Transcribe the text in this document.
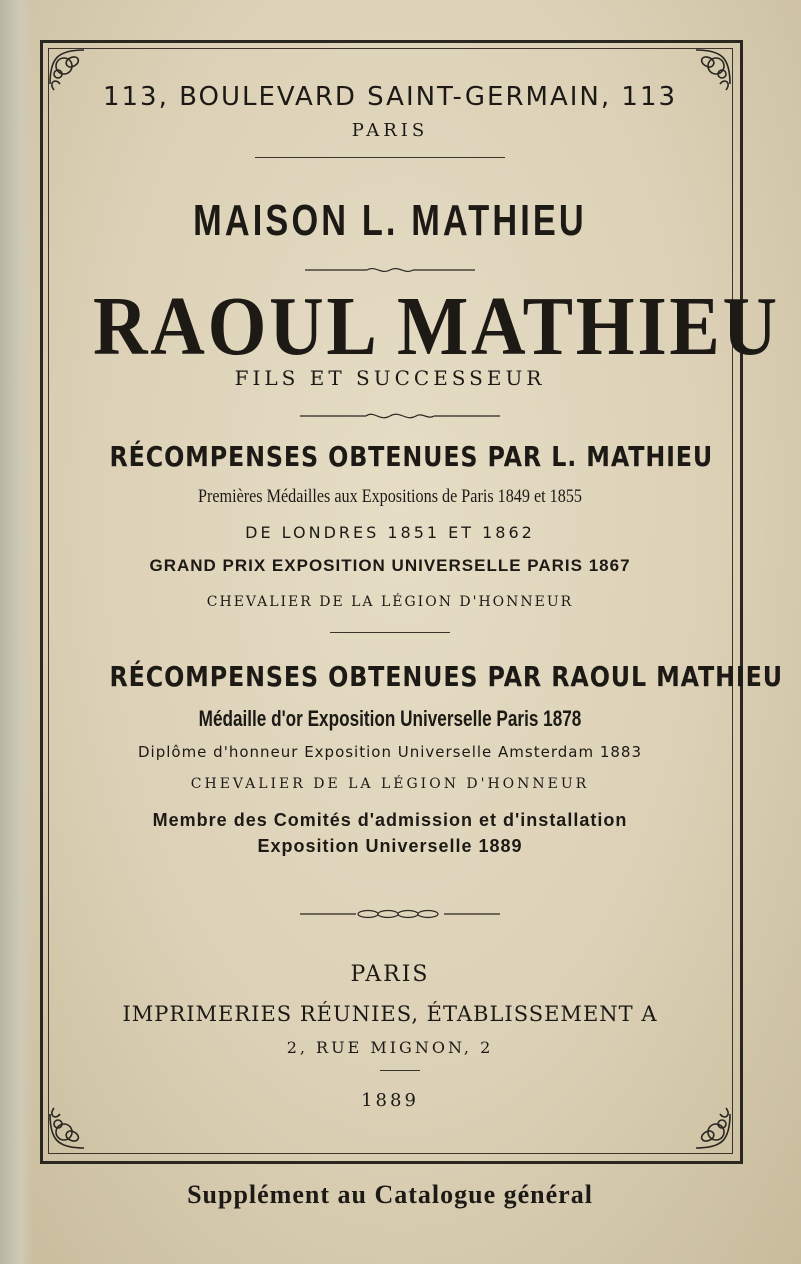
113, BOULEVARD SAINT-GERMAIN, 113
PARIS
MAISON L. MATHIEU
RAOUL MATHIEU
FILS ET SUCCESSEUR
RÉCOMPENSES OBTENUES PAR L. MATHIEU
Premières Médailles aux Expositions de Paris 1849 et 1855
DE LONDRES 1851 ET 1862
GRAND PRIX EXPOSITION UNIVERSELLE PARIS 1867
CHEVALIER DE LA LÉGION D'HONNEUR
RÉCOMPENSES OBTENUES PAR RAOUL MATHIEU
Médaille d'or Exposition Universelle Paris 1878
Diplôme d'honneur Exposition Universelle Amsterdam 1883
CHEVALIER DE LA LÉGION D'HONNEUR
Membre des Comités d'admission et d'installation
Exposition Universelle 1889
PARIS
IMPRIMERIES RÉUNIES, ÉTABLISSEMENT A
2, RUE MIGNON, 2
1889
Supplément au Catalogue général
